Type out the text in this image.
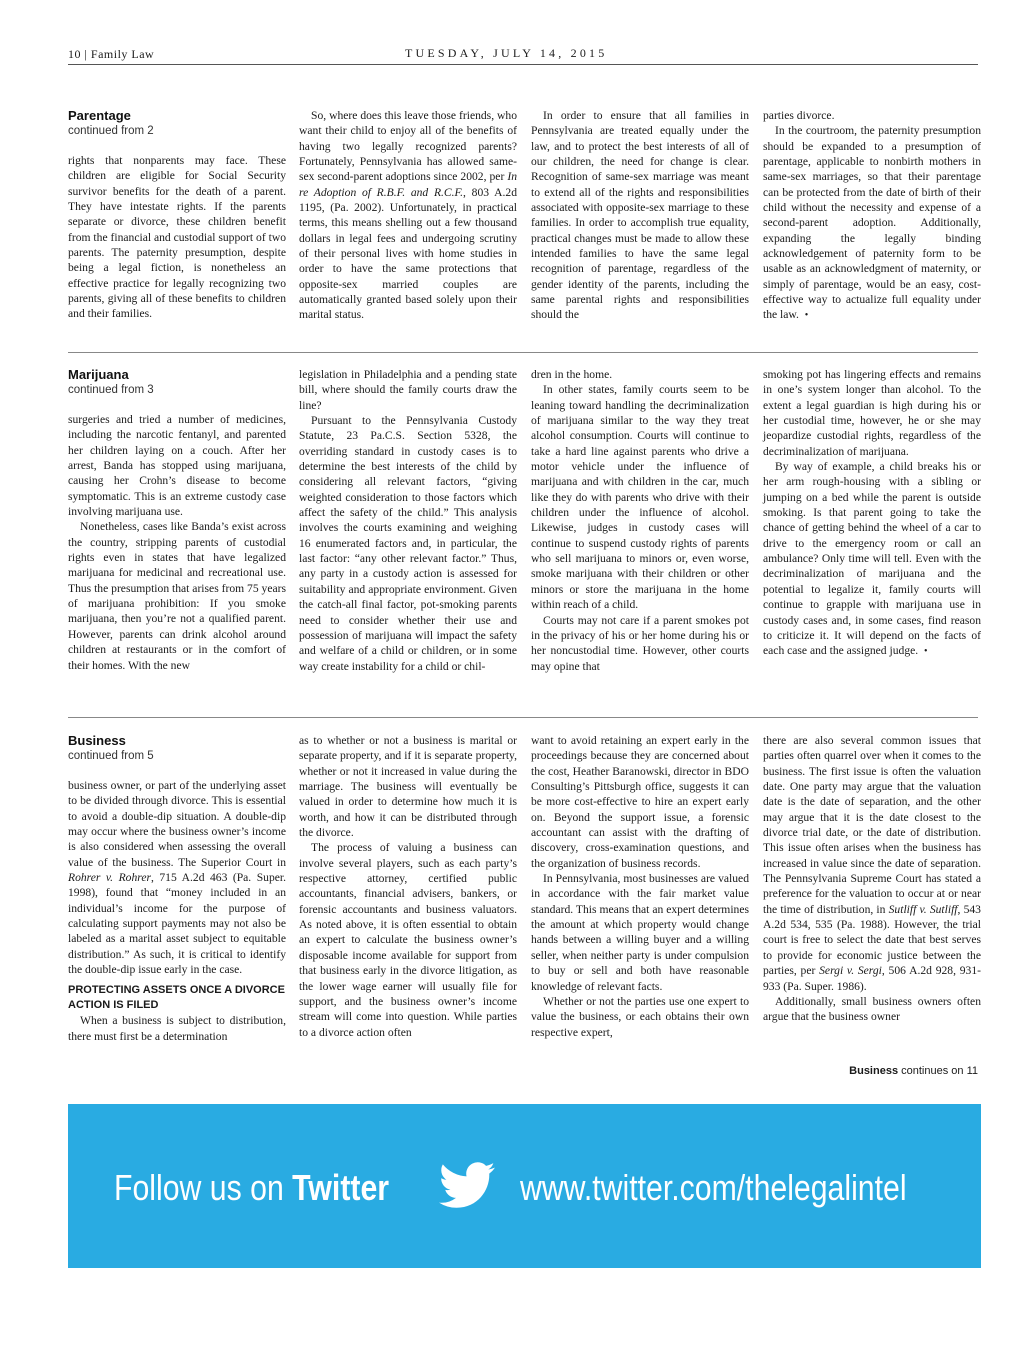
10 | Family Law	TUESDAY, JULY 14, 2015
Parentage
continued from 2

rights that nonparents may face. These children are eligible for Social Security survivor benefits for the death of a parent. They have intestate rights. If the parents separate or divorce, these children benefit from the financial and custodial support of two parents. The paternity presumption, despite being a legal fiction, is nonetheless an effective practice for legally recognizing two parents, giving all of these benefits to children and their families.

So, where does this leave those friends, who want their child to enjoy all of the benefits of having two legally recognized parents? Fortunately, Pennsylvania has allowed same-sex second-parent adoptions since 2002, per In re Adoption of R.B.F. and R.C.F., 803 A.2d 1195, (Pa. 2002). Unfortunately, in practical terms, this means shelling out a few thousand dollars in legal fees and undergoing scrutiny of their personal lives with home studies in order to have the same protections that opposite-sex married couples are automatically granted based solely upon their marital status.

In order to ensure that all families in Pennsylvania are treated equally under the law, and to protect the best interests of all of our children, the need for change is clear. Recognition of same-sex marriage was meant to extend all of the rights and responsibilities associated with opposite-sex marriage to these families. In order to accomplish true equality, practical changes must be made to allow these intended families to have the same legal recognition of parentage, regardless of the gender identity of the parents, including the same parental rights and responsibilities should the

parties divorce.

In the courtroom, the paternity presumption should be expanded to a presumption of parentage, applicable to nonbirth mothers in same-sex marriages, so that their parentage can be protected from the date of birth of their child without the necessity and expense of a second-parent adoption. Additionally, expanding the legally binding acknowledgement of paternity form to be usable as an acknowledgment of maternity, or simply of parentage, would be an easy, cost-effective way to actualize full equality under the law. •

Marijuana
continued from 3

surgeries and tried a number of medicines, including the narcotic fentanyl, and parented her children laying on a couch. After her arrest, Banda has stopped using marijuana, causing her Crohn’s disease to become symptomatic. This is an extreme custody case involving marijuana use.

Nonetheless, cases like Banda’s exist across the country, stripping parents of custodial rights even in states that have legalized marijuana for medicinal and recreational use. Thus the presumption that arises from 75 years of marijuana prohibition: If you smoke marijuana, then you’re not a qualified parent. However, parents can drink alcohol around children at restaurants or in the comfort of their homes. With the new

legislation in Philadelphia and a pending state bill, where should the family courts draw the line?

Pursuant to the Pennsylvania Custody Statute, 23 Pa.C.S. Section 5328, the overriding standard in custody cases is to determine the best interests of the child by considering all relevant factors, “giving weighted consideration to those factors which affect the safety of the child.” This analysis involves the courts examining and weighing 16 enumerated factors and, in particular, the last factor: “any other relevant factor.” Thus, any party in a custody action is assessed for suitability and appropriate environment. Given the catch-all final factor, pot-smoking parents need to consider whether their use and possession of marijuana will impact the safety and welfare of a child or children, or in some way create instability for a child or chil-

dren in the home.

In other states, family courts seem to be leaning toward handling the decriminalization of marijuana similar to the way they treat alcohol consumption. Courts will continue to take a hard line against parents who drive a motor vehicle under the influence of marijuana and with children in the car, much like they do with parents who drive with their children under the influence of alcohol. Likewise, judges in custody cases will continue to suspend custody rights of parents who sell marijuana to minors or, even worse, smoke marijuana with their children or other minors or store the marijuana in the home within reach of a child.

Courts may not care if a parent smokes pot in the privacy of his or her home during his or her noncustodial time. However, other courts may opine that

smoking pot has lingering effects and remains in one’s system longer than alcohol. To the extent a legal guardian is high during his or her custodial time, however, he or she may jeopardize custodial rights, regardless of the decriminalization of marijuana.

By way of example, a child breaks his or her arm rough-housing with a sibling or jumping on a bed while the parent is outside smoking. Is that parent going to take the chance of getting behind the wheel of a car to drive to the emergency room or call an ambulance? Only time will tell. Even with the decriminalization of marijuana and the potential to legalize it, family courts will continue to grapple with marijuana use in custody cases and, in some cases, find reason to criticize it. It will depend on the facts of each case and the assigned judge. •

Business
continued from 5

business owner, or part of the underlying asset to be divided through divorce. This is essential to avoid a double-dip situation. A double-dip may occur where the business owner’s income is also considered when assessing the overall value of the business. The Superior Court in Rohrer v. Rohrer, 715 A.2d 463 (Pa. Super. 1998), found that “money included in an individual’s income for the purpose of calculating support payments may not also be labeled as a marital asset subject to equitable distribution.” As such, it is critical to identify the double-dip issue early in the case.

PROTECTING ASSETS ONCE A DIVORCE ACTION IS FILED

When a business is subject to distribution, there must first be a determination

as to whether or not a business is marital or separate property, and if it is separate property, whether or not it increased in value during the marriage. The business will eventually be valued in order to determine how much it is worth, and how it can be distributed through the divorce.

The process of valuing a business can involve several players, such as each party’s respective attorney, certified public accountants, financial advisers, bankers, or forensic accountants and business valuators. As noted above, it is often essential to obtain an expert to calculate the business owner’s disposable income available for support from that business early in the divorce litigation, as the lower wage earner will usually file for support, and the business owner’s income stream will come into question. While parties to a divorce action often

want to avoid retaining an expert early in the proceedings because they are concerned about the cost, Heather Baranowski, director in BDO Consulting’s Pittsburgh office, suggests it can be more cost-effective to hire an expert early on. Beyond the support issue, a forensic accountant can assist with the drafting of discovery, cross-examination questions, and the organization of business records.

In Pennsylvania, most businesses are valued in accordance with the fair market value standard. This means that an expert determines the amount at which property would change hands between a willing buyer and a willing seller, when neither party is under compulsion to buy or sell and both have reasonable knowledge of relevant facts.

Whether or not the parties use one expert to value the business, or each obtains their own respective expert,

there are also several common issues that parties often quarrel over when it comes to the business. The first issue is often the valuation date. One party may argue that the valuation date is the date of separation, and the other may argue that it is the date closest to the divorce trial date, or the date of distribution. This issue often arises when the business has increased in value since the date of separation. The Pennsylvania Supreme Court has stated a preference for the valuation to occur at or near the time of distribution, in Sutliff v. Sutliff, 543 A.2d 534, 535 (Pa. 1988). However, the trial court is free to select the date that best serves to provide for economic justice between the parties, per Sergi v. Sergi, 506 A.2d 928, 931-933 (Pa. Super. 1986).

Additionally, small business owners often argue that the business owner

Business continues on 11
Follow us on Twitter	www.twitter.com/thelegalintel
